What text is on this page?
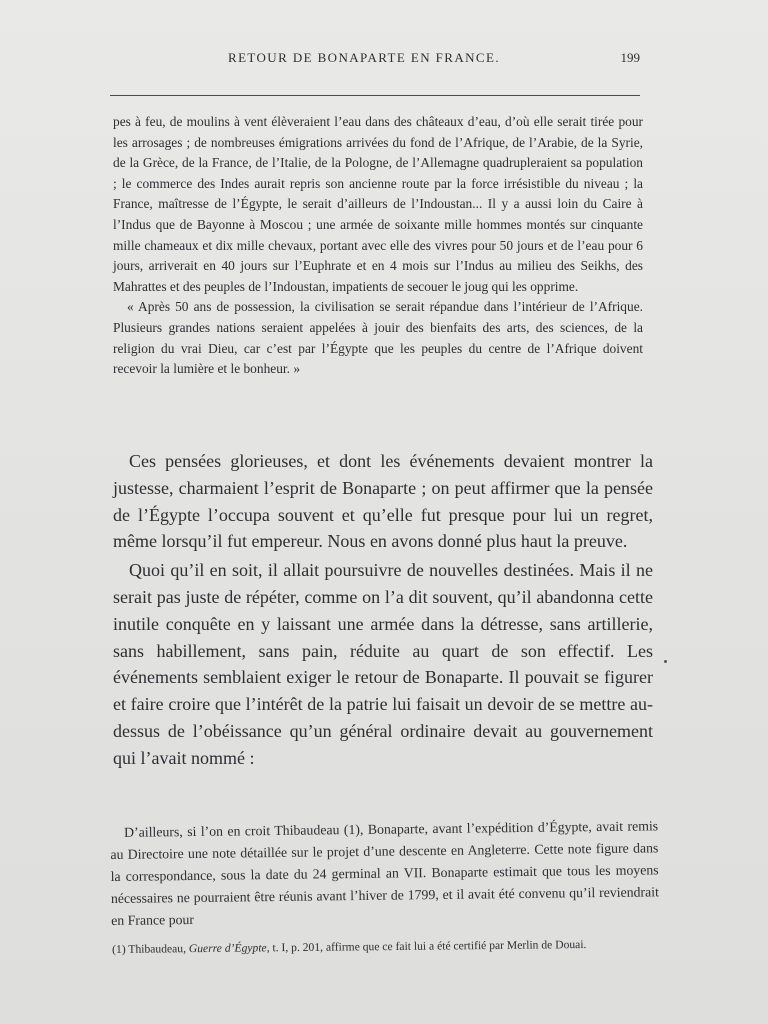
RETOUR DE BONAPARTE EN FRANCE.	199

pes à feu, de moulins à vent élèveraient l’eau dans des châteaux d’eau, d’où elle serait tirée pour les arrosages ; de nombreuses émigrations arrivées du fond de l’Afrique, de l’Arabie, de la Syrie, de la Grèce, de la France, de l’Italie, de la Pologne, de l’Allemagne quadrupleraient sa population ; le commerce des Indes aurait repris son ancienne route par la force irrésistible du niveau ; la France, maîtresse de l’Égypte, le serait d’ailleurs de l’Indoustan... Il y a aussi loin du Caire à l’Indus que de Bayonne à Moscou ; une armée de soixante mille hommes montés sur cinquante mille chameaux et dix mille chevaux, portant avec elle des vivres pour 50 jours et de l’eau pour 6 jours, arriverait en 40 jours sur l’Euphrate et en 4 mois sur l’Indus au milieu des Seikhs, des Mahrattes et des peuples de l’Indoustan, impatients de secouer le joug qui les opprime.

« Après 50 ans de possession, la civilisation se serait répandue dans l’intérieur de l’Afrique. Plusieurs grandes nations seraient appelées à jouir des bienfaits des arts, des sciences, de la religion du vrai Dieu, car c’est par l’Égypte que les peuples du centre de l’Afrique doivent recevoir la lumière et le bonheur. »

Ces pensées glorieuses, et dont les événements devaient montrer la justesse, charmaient l’esprit de Bonaparte ; on peut affirmer que la pensée de l’Égypte l’occupa souvent et qu’elle fut presque pour lui un regret, même lorsqu’il fut empereur. Nous en avons donné plus haut la preuve.

Quoi qu’il en soit, il allait poursuivre de nouvelles destinées. Mais il ne serait pas juste de répéter, comme on l’a dit souvent, qu’il abandonna cette inutile conquête en y laissant une armée dans la détresse, sans artillerie, sans habillement, sans pain, réduite au quart de son effectif. Les événements semblaient exiger le retour de Bonaparte. Il pouvait se figurer et faire croire que l’intérêt de la patrie lui faisait un devoir de se mettre au-dessus de l’obéissance qu’un général ordinaire devait au gouvernement qui l’avait nommé :

D’ailleurs, si l’on en croit Thibaudeau (1), Bonaparte, avant l’expédition d’Égypte, avait remis au Directoire une note détaillée sur le projet d’une descente en Angleterre. Cette note figure dans la correspondance, sous la date du 24 germinal an VII. Bonaparte estimait que tous les moyens nécessaires ne pourraient être réunis avant l’hiver de 1799, et il avait été convenu qu’il reviendrait en France pour

(1) Thibaudeau, Guerre d’Égypte, t. I, p. 201, affirme que ce fait lui a été certifié par Merlin de Douai.
